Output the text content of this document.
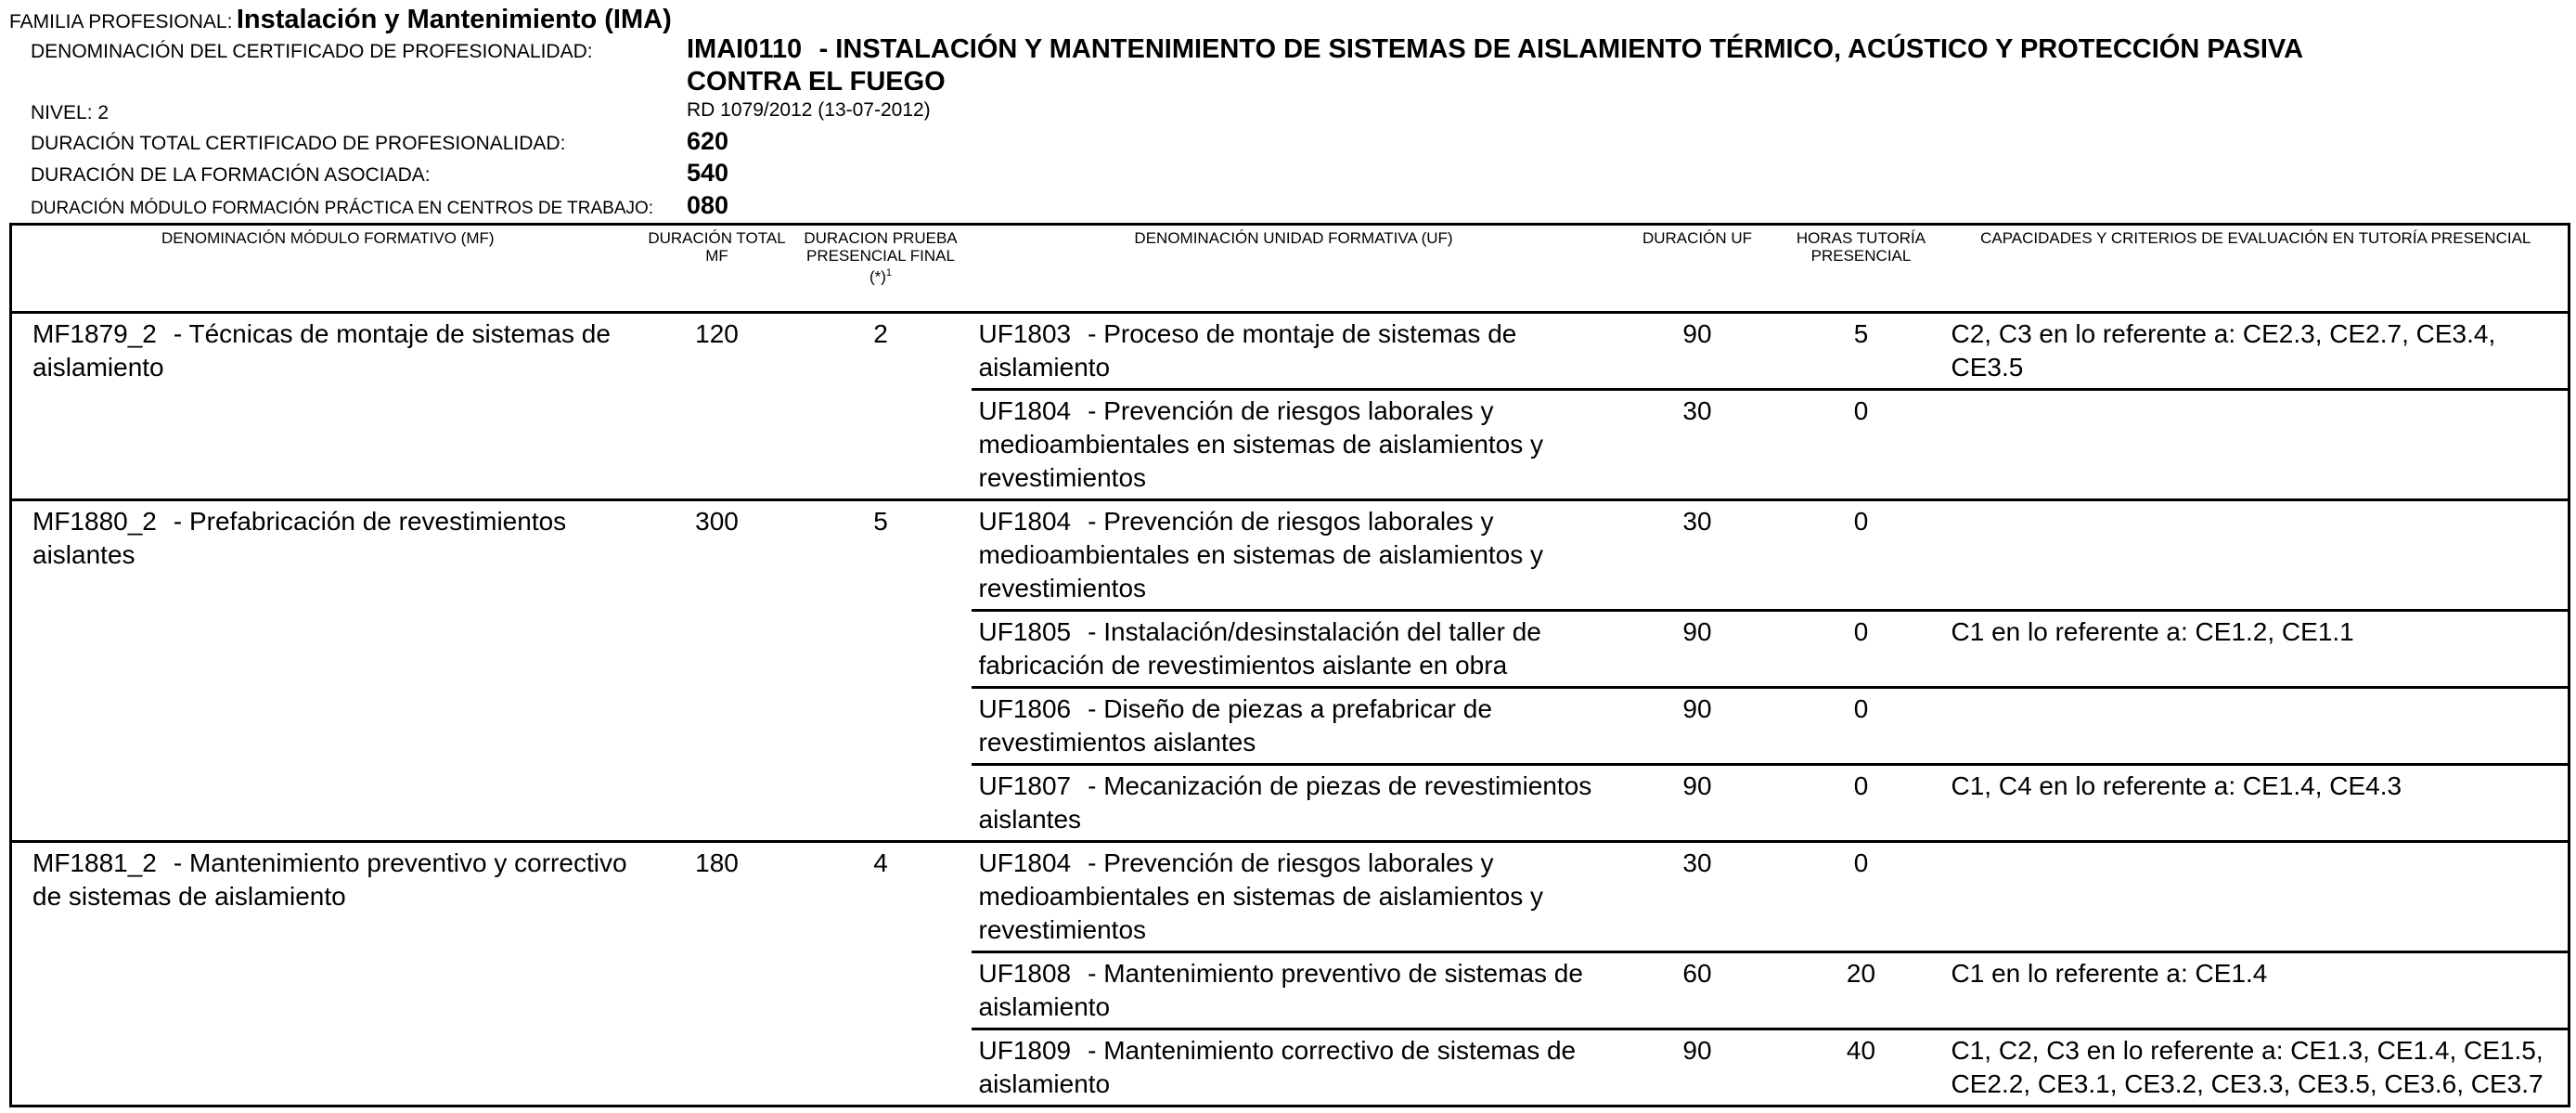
FAMILIA PROFESIONAL: Instalación y Mantenimiento (IMA)
DENOMINACIÓN DEL CERTIFICADO DE PROFESIONALIDAD:	IMAI0110 - INSTALACIÓN Y MANTENIMIENTO DE SISTEMAS DE AISLAMIENTO TÉRMICO, ACÚSTICO Y PROTECCIÓN PASIVA
CONTRA EL FUEGO
NIVEL: 2	RD 1079/2012 (13-07-2012)
DURACIÓN TOTAL CERTIFICADO DE PROFESIONALIDAD:	620
DURACIÓN DE LA FORMACIÓN ASOCIADA:	540
DURACIÓN MÓDULO FORMACIÓN PRÁCTICA EN CENTROS DE TRABAJO: 080
DENOMINACIÓN MÓDULO FORMATIVO (MF)	DURACIÓN TOTAL MF	DURACION PRUEBA PRESENCIAL FINAL $(*)^1$	DENOMINACIÓN UNIDAD FORMATIVA (UF)	DURACIÓN UF	HORAS TUTORÍA PRESENCIAL	CAPACIDADES Y CRITERIOS DE EVALUACIÓN EN TUTORÍA PRESENCIAL
MF1879_2 - Técnicas de montaje de sistemas de aislamiento	120	2	UF1803 - Proceso de montaje de sistemas de aislamiento	90	5	C2, C3 en lo referente a: CE2.3, CE2.7, CE3.4, CE3.5
			UF1804 - Prevención de riesgos laborales y medioambientales en sistemas de aislamientos y revestimientos	30	0	
MF1880_2 - Prefabricación de revestimientos aislantes	300	5	UF1804 - Prevención de riesgos laborales y medioambientales en sistemas de aislamientos y revestimientos	30	0	
			UF1805 - Instalación/desinstalación del taller de fabricación de revestimientos aislante en obra	90	0	C1 en lo referente a: CE1.2, CE1.1
			UF1806 - Diseño de piezas a prefabricar de revestimientos aislantes	90	0	
			UF1807 - Mecanización de piezas de revestimientos aislantes	90	0	C1, C4 en lo referente a: CE1.4, CE4.3
MF1881_2 - Mantenimiento preventivo y correctivo de sistemas de aislamiento	180	4	UF1804 - Prevención de riesgos laborales y medioambientales en sistemas de aislamientos y revestimientos	30	0	
			UF1808 - Mantenimiento preventivo de sistemas de aislamiento	60	20	C1 en lo referente a: CE1.4
			UF1809 - Mantenimiento correctivo de sistemas de aislamiento	90	40	C1, C2, C3 en lo referente a: CE1.3, CE1.4, CE1.5, CE2.2, CE3.1, CE3.2, CE3.3, CE3.5, CE3.6, CE3.7
